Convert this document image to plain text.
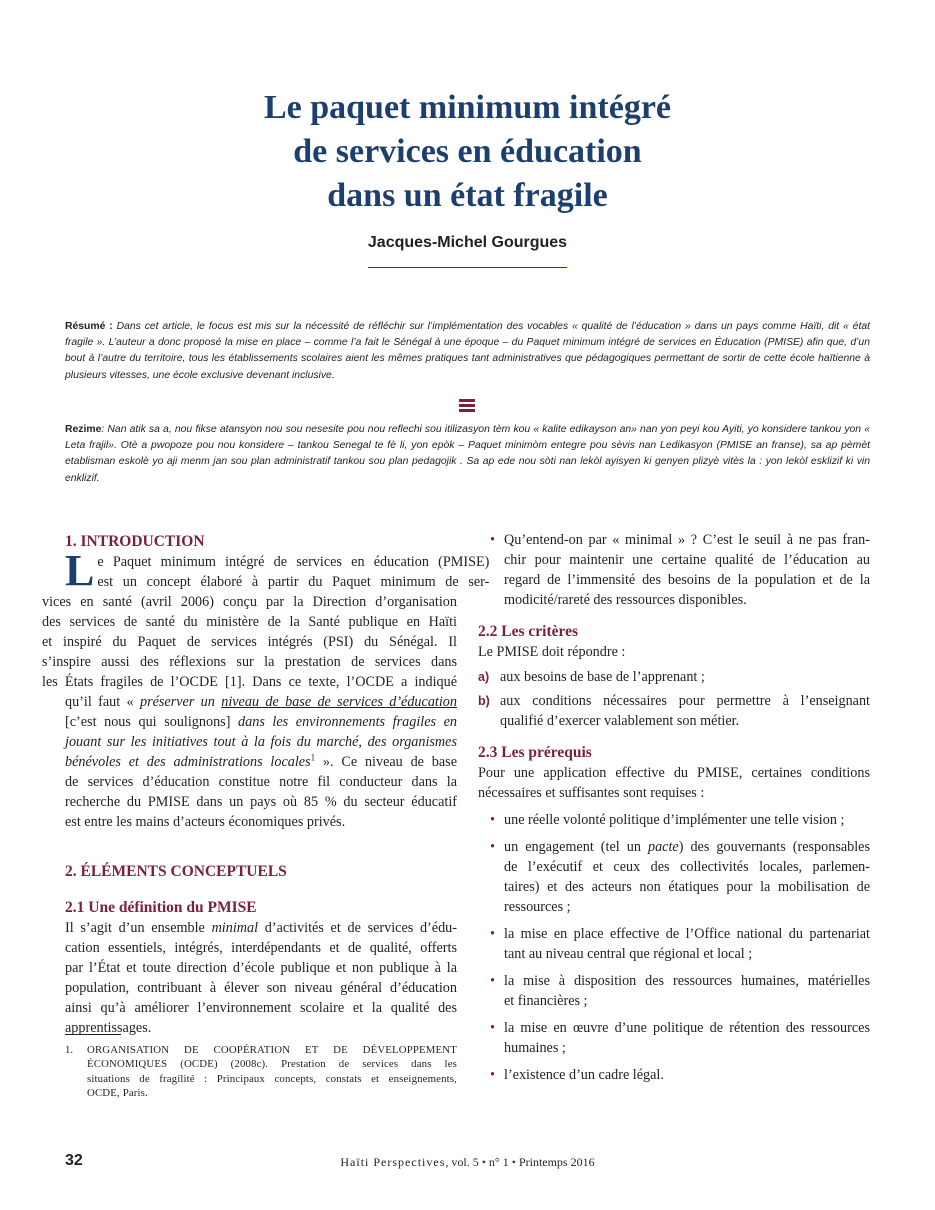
Le paquet minimum intégré
de services en éducation
dans un état fragile
Jacques-Michel Gourgues
Résumé : Dans cet article, le focus est mis sur la nécessité de réfléchir sur l’implémentation des vocables « qualité de l’éducation » dans un pays comme Haïti, dit « état fragile ». L’auteur a donc proposé la mise en place – comme l’a fait le Sénégal à une époque – du Paquet minimum intégré de services en Éducation (PMISE) afin que, d’un bout à l’autre du territoire, tous les établissements scolaires aient les mêmes pratiques tant administratives que pédagogiques permettant de sortir de cette école haïtienne à plusieurs vitesses, une école exclusive devenant inclusive.
Rezime: Nan atik sa a, nou fikse atansyon nou sou nesesite pou nou reflechi sou itilizasyon tèm kou « kalite edikayson an» nan yon peyi kou Ayiti, yo konsidere tankou yon « Leta frajil». Otè a pwopoze pou nou konsidere – tankou Senegal te fè li, yon epòk – Paquet minimòm entegre pou sèvis nan Ledikasyon (PMISE an franse), sa ap pèmèt etablisman eskolè yo aji menm jan sou plan administratif tankou sou plan pedagojik . Sa ap ede nou sòti nan lekòl ayisyen ki genyen plizyè vitès la : yon lekòl esklizif ki vin enklizif.
1. INTRODUCTION
L e Paquet minimum intégré de services en éducation (PMISE)
est un concept élaboré à partir du Paquet minimum de ser-
vices en santé (avril 2006) conçu par la Direction d’organisation
des services de santé du ministère de la Santé publique en Haïti
et inspiré du Paquet de services intégrés (PSI) du Sénégal. Il
s’inspire aussi des réflexions sur la prestation de services dans
les États fragiles de l’OCDE [1]. Dans ce texte, l’OCDE a indiqué
qu’il faut « préserver un niveau de base de services d’éducation
[c’est nous qui soulignons] dans les environnements fragiles en
jouant sur les initiatives tout à la fois du marché, des organismes
bénévoles et des administrations locales$^1$ ». Ce niveau de base
de services d’éducation constitue notre fil conducteur dans la
recherche du PMISE dans un pays où 85 % du secteur éducatif
est entre les mains d’acteurs économiques privés.
2. ÉLÉMENTS CONCEPTUELS
2.1 Une définition du PMISE
Il s’agit d’un ensemble minimal d’activités et de services d’édu-
cation essentiels, intégrés, interdépendants et de qualité, offerts
par l’État et toute direction d’école publique et non publique à la
population, contribuant à élever son niveau général d’éducation
ainsi qu’à améliorer l’environnement scolaire et la qualité des
apprentissages.
1. ORGANISATION DE COOPÉRATION ET DE DÉVELOPPEMENT
ÉCONOMIQUES (OCDE) (2008c). Prestation de services dans les
situations de fragilité : Principaux concepts, constats et enseignements,
OCDE, Paris.
• Qu’entend-on par « minimal » ? C’est le seuil à ne pas fran-
chir pour maintenir une certaine qualité de l’éducation au
regard de l’immensité des besoins de la population et de la
modicité/rareté des ressources disponibles.
2.2 Les critères

Le PMISE doit répondre :

a) aux besoins de base de l’apprenant ;
b) aux conditions nécessaires pour permettre à l’enseignant
qualifié d’exercer valablement son métier.
2.3 Les prérequis
Pour une application effective du PMISE, certaines conditions
nécessaires et suffisantes sont requises :
• une réelle volonté politique d’implémenter une telle vision ;
• un engagement (tel un pacte) des gouvernants (responsables
de l’exécutif et ceux des collectivités locales, parlemen-
taires) et des acteurs non étatiques pour la mobilisation de
ressources ;
• la mise en place effective de l’Office national du partenariat
tant au niveau central que régional et local ;
• la mise à disposition des ressources humaines, matérielles
et financières ;
• la mise en œuvre d’une politique de rétention des ressources
humaines ;
• l’existence d’un cadre légal.
32	Haïti Perspectives, vol. 5 • n° 1 • Printemps 2016
